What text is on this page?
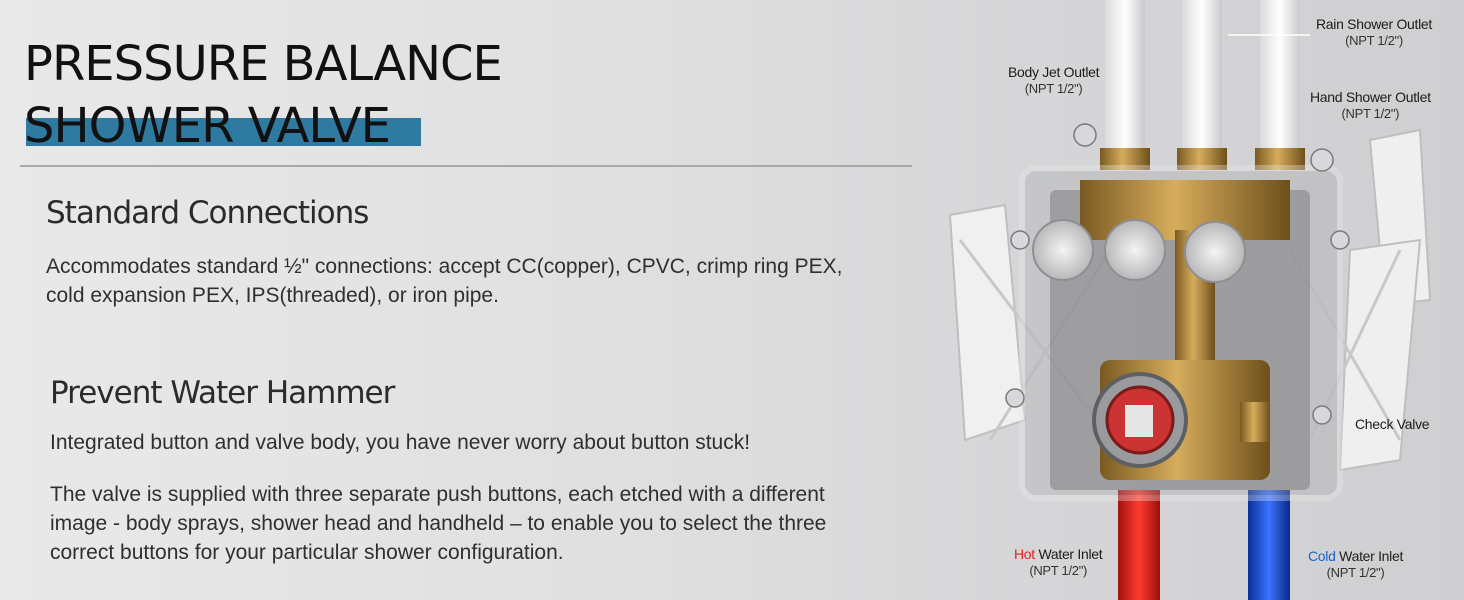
PRESSURE BALANCE
SHOWER VALVE
Standard Connections
Accommodates standard ½" connections: accept CC(copper), CPVC, crimp ring PEX,
cold expansion PEX, IPS(threaded), or iron pipe.
Prevent Water Hammer
Integrated button and valve body, you have never worry about button stuck!
The valve is supplied with three separate push buttons, each etched with a different
image - body sprays, shower head and handheld – to enable you to select the three
correct buttons for your particular shower configuration.
Rain Shower Outlet
(NPT 1/2")
Body Jet Outlet
(NPT 1/2")
Hand Shower Outlet
(NPT 1/2")
Check Valve
Hot Water Inlet
(NPT 1/2")
Cold Water Inlet
(NPT 1/2")
